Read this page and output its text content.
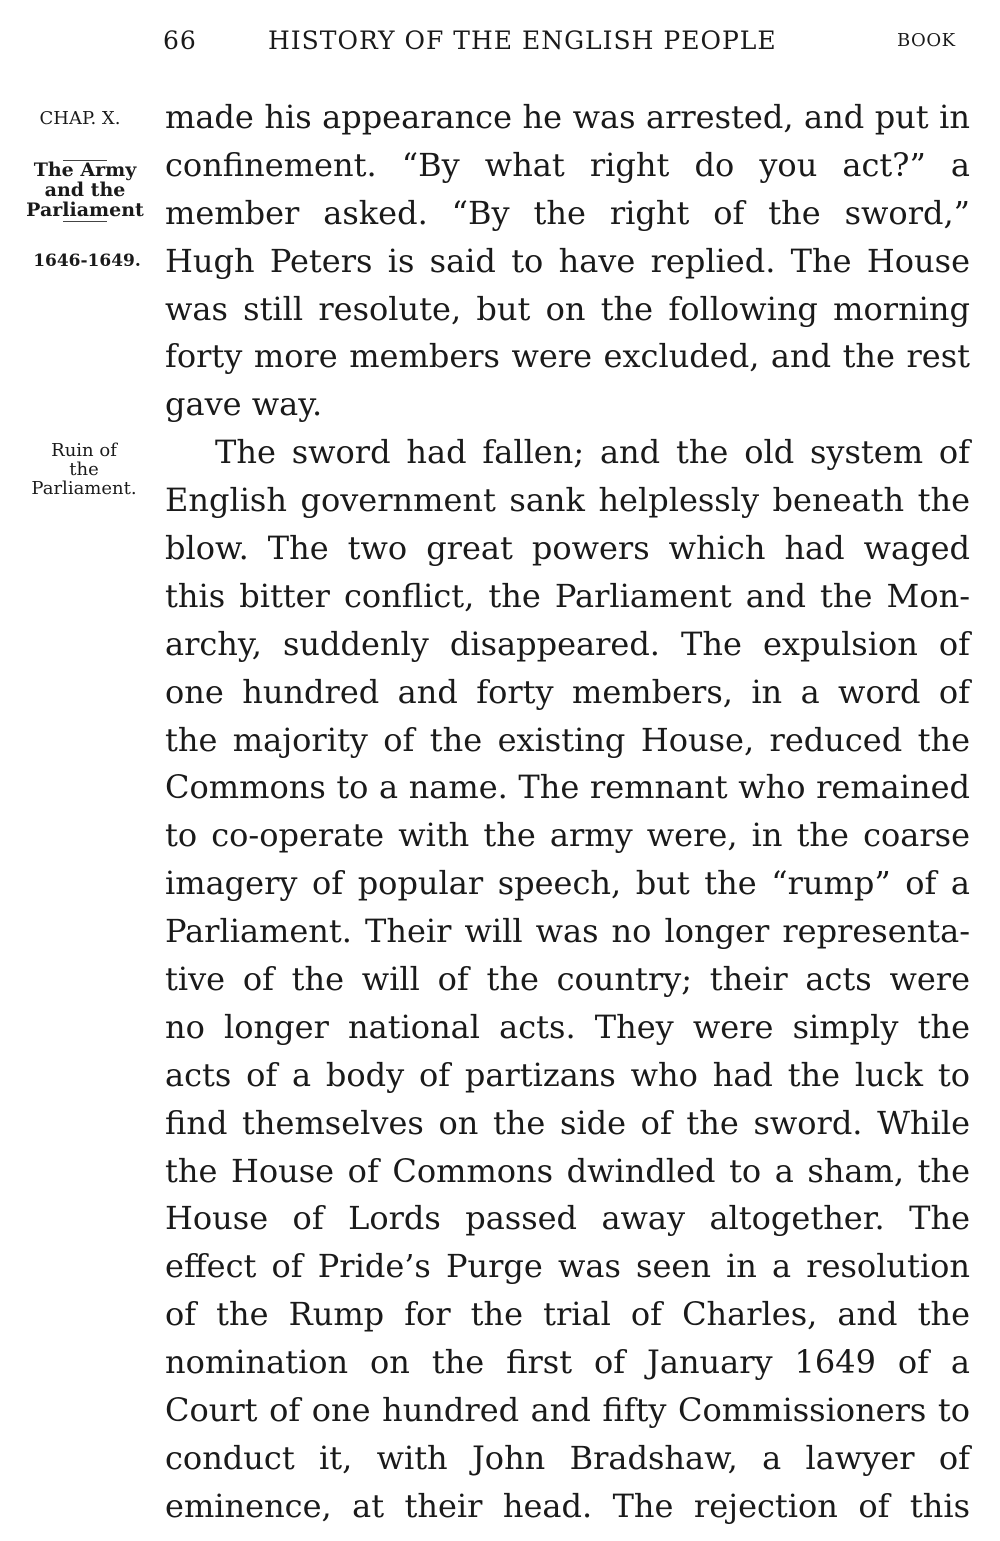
66	HISTORY OF THE ENGLISH PEOPLE	BOOK
CHAP. X.
The Army
and the
Parliament
1646-1649.
Ruin of
the
Parliament.
made his appearance he was arrested, and put in
confinement. “By what right do you act?” a
member asked. “By the right of the sword,”
Hugh Peters is said to have replied. The House
was still resolute, but on the following morning
forty more members were excluded, and the rest
gave way.
The sword had fallen; and the old system of
English government sank helplessly beneath the
blow. The two great powers which had waged
this bitter conflict, the Parliament and the Mon-
archy, suddenly disappeared. The expulsion of
one hundred and forty members, in a word of
the majority of the existing House, reduced the
Commons to a name. The remnant who remained
to co-operate with the army were, in the coarse
imagery of popular speech, but the “rump” of a
Parliament. Their will was no longer representa-
tive of the will of the country; their acts were
no longer national acts. They were simply the
acts of a body of partizans who had the luck to
find themselves on the side of the sword. While
the House of Commons dwindled to a sham, the
House of Lords passed away altogether. The
effect of Pride’s Purge was seen in a resolution
of the Rump for the trial of Charles, and the
nomination on the first of January 1649 of a
Court of one hundred and fifty Commissioners to
conduct it, with John Bradshaw, a lawyer of
eminence, at their head. The rejection of this
